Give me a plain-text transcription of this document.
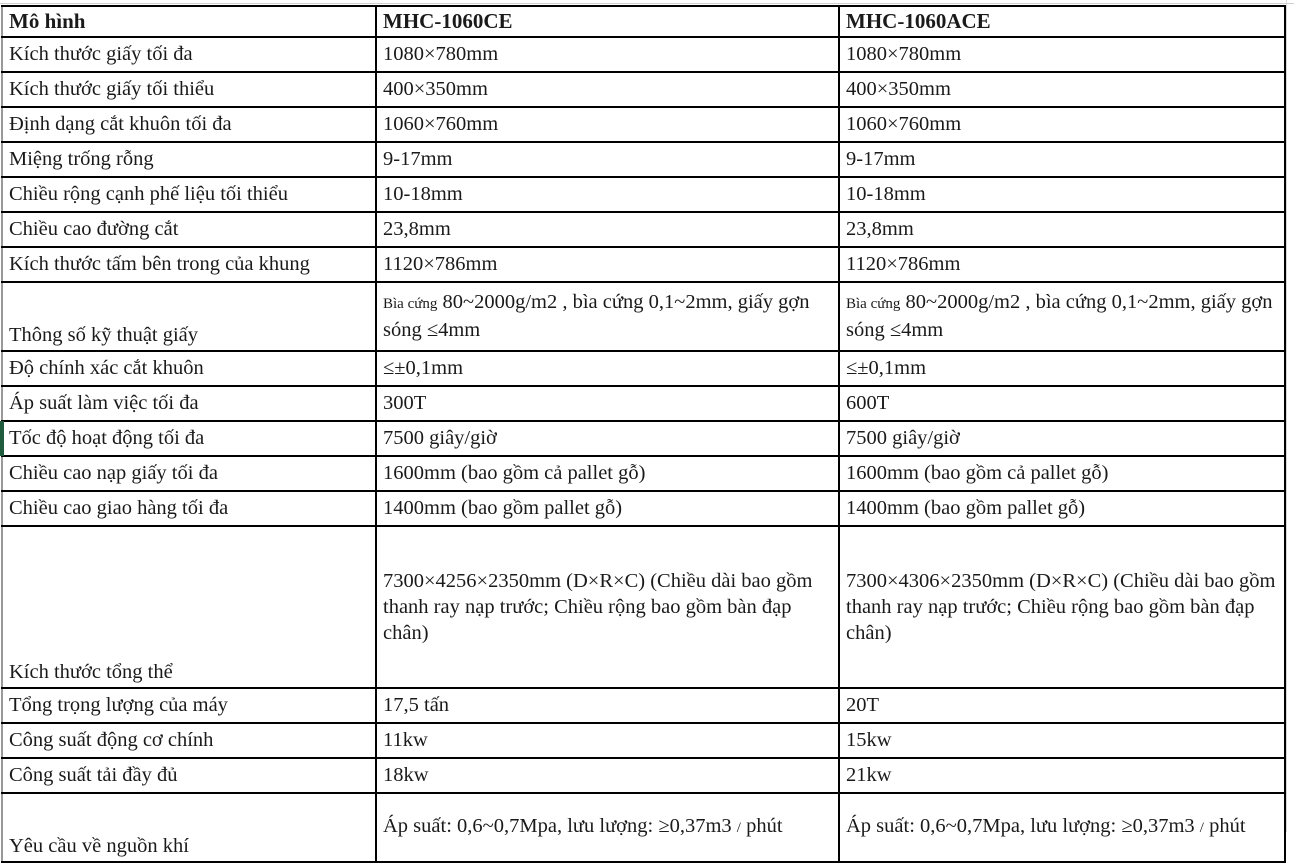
Mô hình	MHC-1060CE	MHC-1060ACE
Kích thước giấy tối đa	1080×780mm	1080×780mm
Kích thước giấy tối thiểu	400×350mm	400×350mm
Định dạng cắt khuôn tối đa	1060×760mm	1060×760mm
Miệng trống rỗng	9-17mm	9-17mm
Chiều rộng cạnh phế liệu tối thiểu	10-18mm	10-18mm
Chiều cao đường cắt	23,8mm	23,8mm
Kích thước tấm bên trong của khung	1120×786mm	1120×786mm
Thông số kỹ thuật giấy	Bìa cứng 80~2000g/m2 , bìa cứng 0,1~2mm, giấy gợn sóng ≤4mm	Bìa cứng 80~2000g/m2 , bìa cứng 0,1~2mm, giấy gợn sóng ≤4mm
Độ chính xác cắt khuôn	≤±0,1mm	≤±0,1mm
Áp suất làm việc tối đa	300T	600T
Tốc độ hoạt động tối đa	7500 giây/giờ	7500 giây/giờ
Chiều cao nạp giấy tối đa	1600mm (bao gồm cả pallet gỗ)	1600mm (bao gồm cả pallet gỗ)
Chiều cao giao hàng tối đa	1400mm (bao gồm pallet gỗ)	1400mm (bao gồm pallet gỗ)
Kích thước tổng thể	7300×4256×2350mm (D×R×C) (Chiều dài bao gồm thanh ray nạp trước; Chiều rộng bao gồm bàn đạp chân)	7300×4306×2350mm (D×R×C) (Chiều dài bao gồm thanh ray nạp trước; Chiều rộng bao gồm bàn đạp chân)
Tổng trọng lượng của máy	17,5 tấn	20T
Công suất động cơ chính	11kw	15kw
Công suất tải đầy đủ	18kw	21kw
Yêu cầu về nguồn khí	Áp suất: 0,6~0,7Mpa, lưu lượng: ≥0,37m3 / phút	Áp suất: 0,6~0,7Mpa, lưu lượng: ≥0,37m3 / phút
